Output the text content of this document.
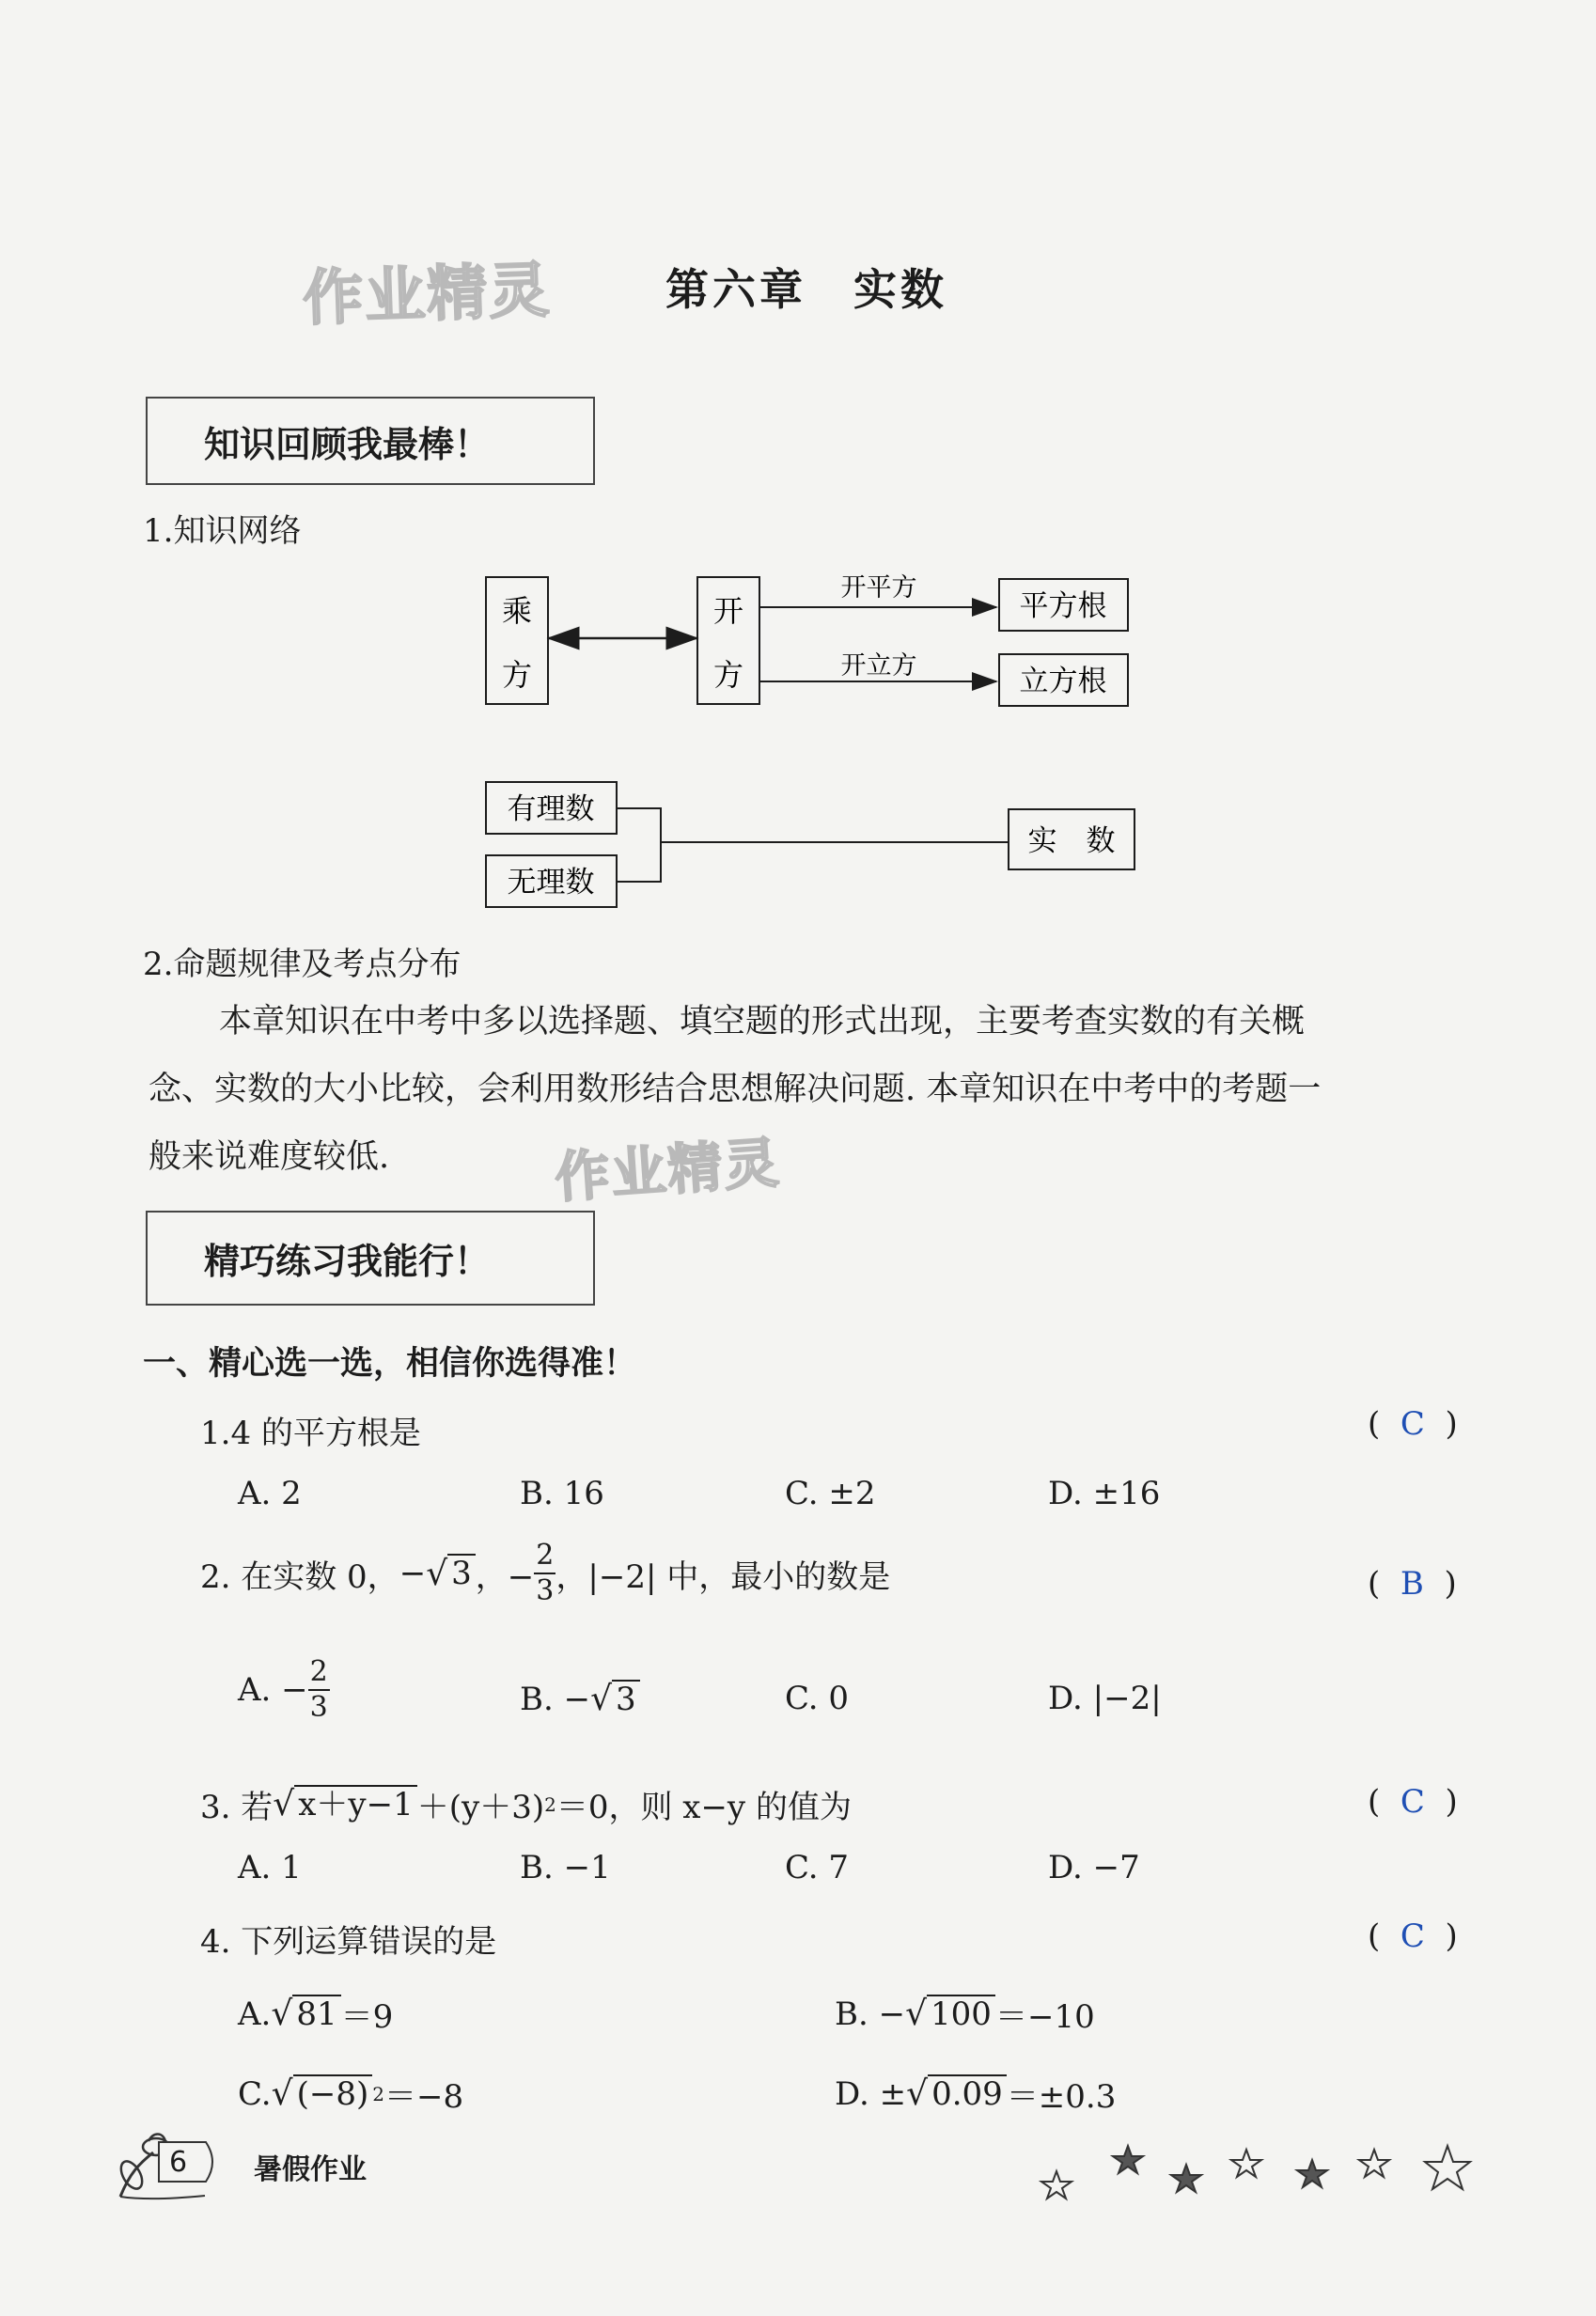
作业精灵
作业精灵
第六章　实数
知识回顾我最棒！
1.知识网络
乘
方
开
方
开平方
开立方
平方根
立方根
有理数
无理数
实　数
2.命题规律及考点分布
本章知识在中考中多以选择题、填空题的形式出现，主要考查实数的有关概
念、实数的大小比较，会利用数形结合思想解决问题. 本章知识在中考中的考题一
般来说难度较低.
精巧练习我能行！
一、精心选一选，相信你选得准！
1.4 的平方根是	(  C  )
A. 2	B. 16	C. ±2	D. ±16
2. 在实数 0， − √ 3 ，− $\frac{2}{3}$ ，|−2| 中，最小的数是	(  B  )
A. − $\frac{2}{3}$	B. − √ 3	C. 0	D. |−2|
3. 若 √ x＋y−1 ＋(y＋3) 2 ＝0，则 x−y 的值为	(  C  )
A. 1	B. −1	C. 7	D. −7
4. 下列运算错误的是	(  C  )
A. √ 81 ＝9	B. − √ 100 ＝−10
C. √ (−8) 2 ＝−8	D. ± √ 0.09 ＝±0.3
6 暑假作业
